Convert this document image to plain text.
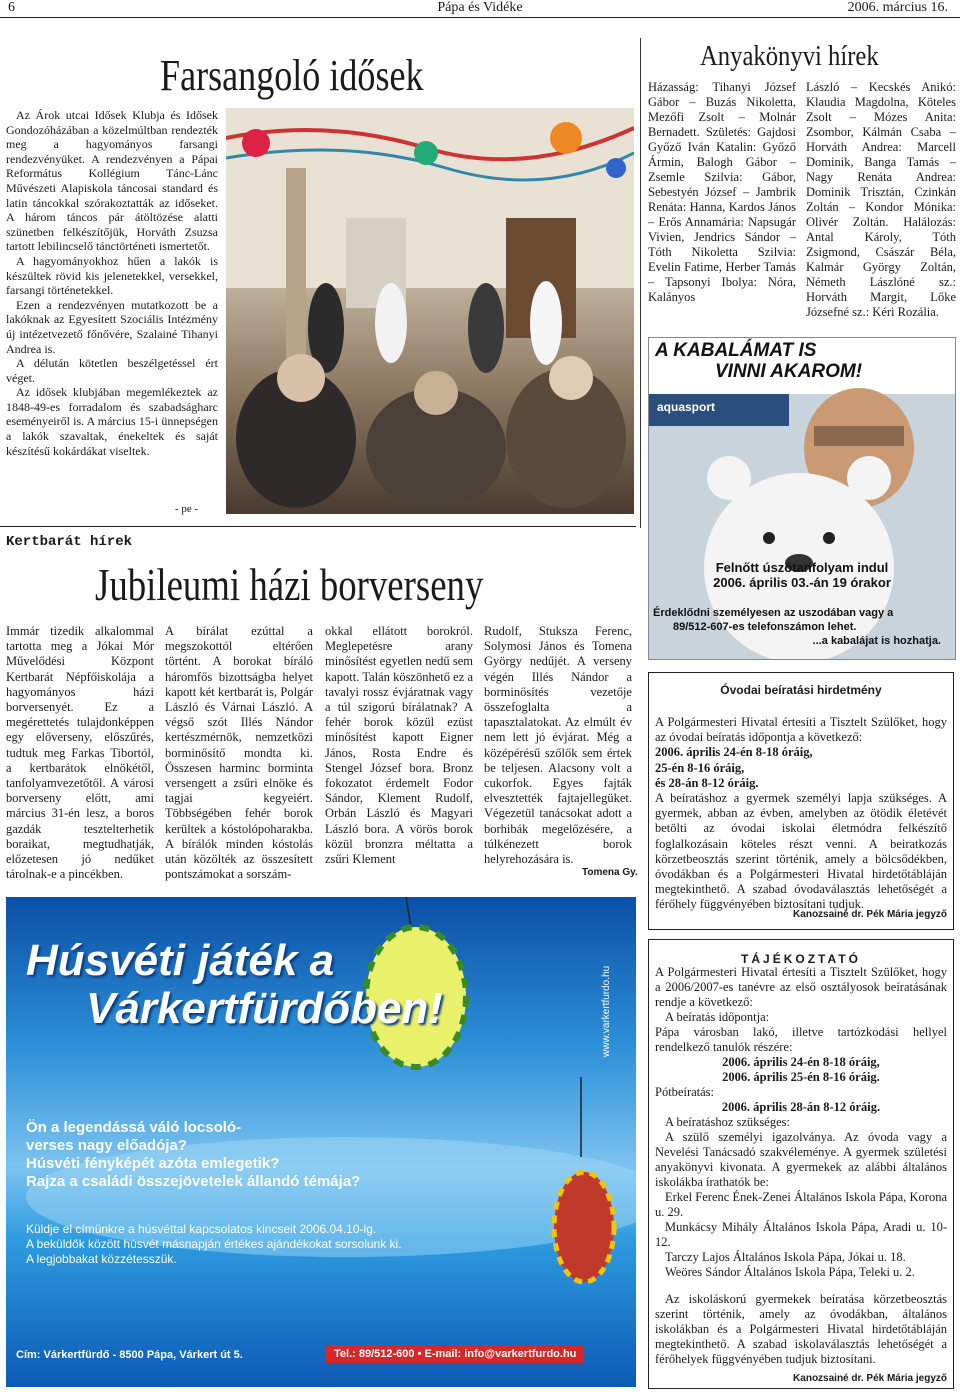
6	Pápa és Vidéke	2006. március 16.
Farsangoló idősek

Az Árok utcai Idősek Klubja és Idősek Gondozóházában a közelmúltban rendezték meg a hagyományos farsangi rendezvényüket. A rendezvényen a Pápai Református Kollégium Tánc-Lánc Művészeti Alapiskola táncosai standard és latin táncokkal szórakoztatták az időseket. A három táncos pár átöltözése alatti szünetben felkészítőjük, Horváth Zsuzsa tartott lebilincselő tánctörténeti ismertetőt.

A hagyományokhoz hűen a lakók is készültek rövid kis jelenetekkel, versekkel, farsangi történetekkel.

Ezen a rendezvényen mutatkozott be a lakóknak az Egyesített Szociális Intézmény új intézetvezető főnővére, Szalainé Tihanyi Andrea is.

A délután kötetlen beszélgetéssel ért véget.

Az idősek klubjában megemlékeztek az 1848-49-es forradalom és szabadságharc eseményeiről is. A március 15-i ünnepségen a lakók szavaltak, énekeltek és saját készítésű kokárdákat viseltek.

- pe -
Anyakönyvi hírek
Házasság: Tihanyi József Gábor – Buzás Nikoletta, Mezőfi Zsolt – Molnár Bernadett. Születés: Gajdosi Győző Iván Katalin: Győző Ármin, Balogh Gábor – Zsemle Szilvia: Gábor, Sebestyén József – Jambrik Renáta: Hanna, Kardos János – Erős Annamária: Napsugár Vivien, Jendrics Sándor – Tóth Nikoletta Szilvia: Evelin Fatime, Herber Tamás – Tapsonyi Ibolya: Nóra, Kalányos
László – Kecskés Anikó: Klaudia Magdolna, Köteles Zsolt – Mózes Anita: Zsombor, Kálmán Csaba – Horváth Andrea: Marcell Dominik, Banga Tamás – Nagy Renáta Andrea: Dominik Trisztán, Czinkán Zoltán – Kondor Mónika: Olivér Zoltán. Halálozás: Antal Károly, Tóth Zsigmond, Császár Béla, Kalmár György Zoltán, Németh Lászlóné sz.: Horváth Margit, Lőke Józsefné sz.: Kéri Rozália.
A KABALÁMAT IS
VINNI AKAROM!
aquasport
Felnőtt úszótanfolyam indul
2006. április 03.-án 19 órakor
Érdeklődni személyesen az uszodában vagy a
89/512-607-es telefonszámon lehet.
...a kabalájat is hozhatja.
Kertbarát hírek
Jubileumi házi borverseny
Immár tizedik alkalommal tartotta meg a Jókai Mór Művelődési Központ Kertbarát Népfőiskolája a hagyományos házi borversenyét. Ez a megérettetés tulajdonképpen egy előverseny, előszűrés, tudtuk meg Farkas Tibortól, a kertbarátok elnökétől, tanfolyamvezetőtől. A városi borverseny előtt, ami március 31-én lesz, a boros gazdák tesztelterhetik boraikat, megtudhatják, előzetesen jó nedűket tárolnak-e a pincékben.
A bírálat ezúttal a megszokottól eltérően történt. A borokat bíráló háromfős bizottságba helyet kapott két kertbarát is, Polgár László és Várnai László. A végső szót Illés Nándor kertészmérnök, nemzetközi borminősítő mondta ki. Összesen harminc bormintа versengett a zsűri elnöke és tagjai kegyeiért. Többségében fehér borok kerültek a kóstolópoharakba. A bírálók minden kóstolás után közölték az összesített pontszámokat a sorszám-
okkal ellátott borokról. Meglepetésre arany minősítést egyetlen nedű sem kapott. Talán köszönhető ez a tavalyi rossz évjáratnak vagy a túl szigorú bírálatnak? A fehér borok közül ezüst minősítést kapott Eigner János, Rosta Endre és Stengel József bora. Bronz fokozatot érdemelt Fodor Sándor, Klement Rudolf, Orbán László és Magyari László bora. A vörös borok közül bronzra méltatta a zsűri Klement
Rudolf, Stuksza Ferenc, Solymosi János és Tomena György nedűjét. A verseny végén Illés Nándor a borminősítés vezetője összefoglalta a tapasztalatokat. Az elmúlt év nem lett jó évjárat. Még a középérésű szőlők sem értek be teljesen. Alacsony volt a cukorfok. Egyes fajták elvesztették fajtajellegüket. Végezetül tanácsokat adott a borhibák megelőzésére, a túlkénezett borok helyrehozására is.
Tomena Gy.
Óvodai beíratási hirdetmény
A Polgármesteri Hivatal értesíti a Tisztelt Szülőket, hogy az óvodai beíratás időpontja a következő:
2006. április 24-én 8-18 óráig,
25-én 8-16 óráig,
és 28-án 8-12 óráig.
A beíratáshoz a gyermek személyi lapja szükséges. A gyermek, abban az évben, amelyben az ötödik életévét betölti az óvodai iskolai életmódra felkészítő foglalkozásain köteles részt venni. A beiratkozás körzetbeosztás szerint történik, amely a bölcsődékben, óvodákban és a Polgármesteri Hivatal hirdetőtábláján megtekinthető. A szabad óvodaválasztás lehetőségét a férőhely függvényében biztosítani tudjuk.
Kanozsainé dr. Pék Mária jegyző
TÁJÉKOZTATÓ
A Polgármesteri Hivatal értesíti a Tisztelt Szülőket, hogy a 2006/2007-es tanévre az első osztályosok beíratásának rendje a következő:
A beíratás időpontja:
Pápa városban lakó, illetve tartózkodási hellyel rendelkező tanulók részére:
2006. április 24-én 8-18 óráig,
2006. április 25-én 8-16 óráig.
Pótbeíratás:
2006. április 28-án 8-12 óráig.
A beíratáshoz szükséges:
A szülő személyi igazolványa. Az óvoda vagy a Nevelési Tanácsadó szakvéleménye. A gyermek születési anyakönyvi kivonata. A gyermekek az alábbi általános iskolákba írathatók be:
Erkel Ferenc Ének-Zenei Általános Iskola Pápa, Korona u. 29.
Munkácsy Mihály Általános Iskola Pápa, Aradi u. 10-12.
Tarczy Lajos Általános Iskola Pápa, Jókai u. 18.
Weöres Sándor Általános Iskola Pápa, Teleki u. 2.
Az iskoláskorú gyermekek beíratása körzetbeosztás szerint történik, amely az óvodákban, általános iskolákban és a Polgármesteri Hivatal hirdetőtábláján megtekinthető. A szabad iskolaválasztás lehetőségét a férőhelyek függvényében tudjuk biztosítani.
Kanozsainé dr. Pék Mária jegyző
Húsvéti játék a
Várkertfürdőben!	www.varkertfurdo.hu
Ön a legendássá váló locsoló-
verses nagy előadója?
Húsvéti fényképét azóta emlegetik?
Rajza a családi összejövetelek állandó témája?
Küldje el címünkre a húsvéttal kapcsolatos kincseit 2006.04.10-ig.
A beküldők között húsvét másnapján értékes ajándékokat sorsolunk ki.
A legjobbakat közzétesszük.
Cím: Várkertfürdő - 8500 Pápa, Várkert út 5.	Tel.: 89/512-600 • E-mail: info@varkertfurdo.hu
